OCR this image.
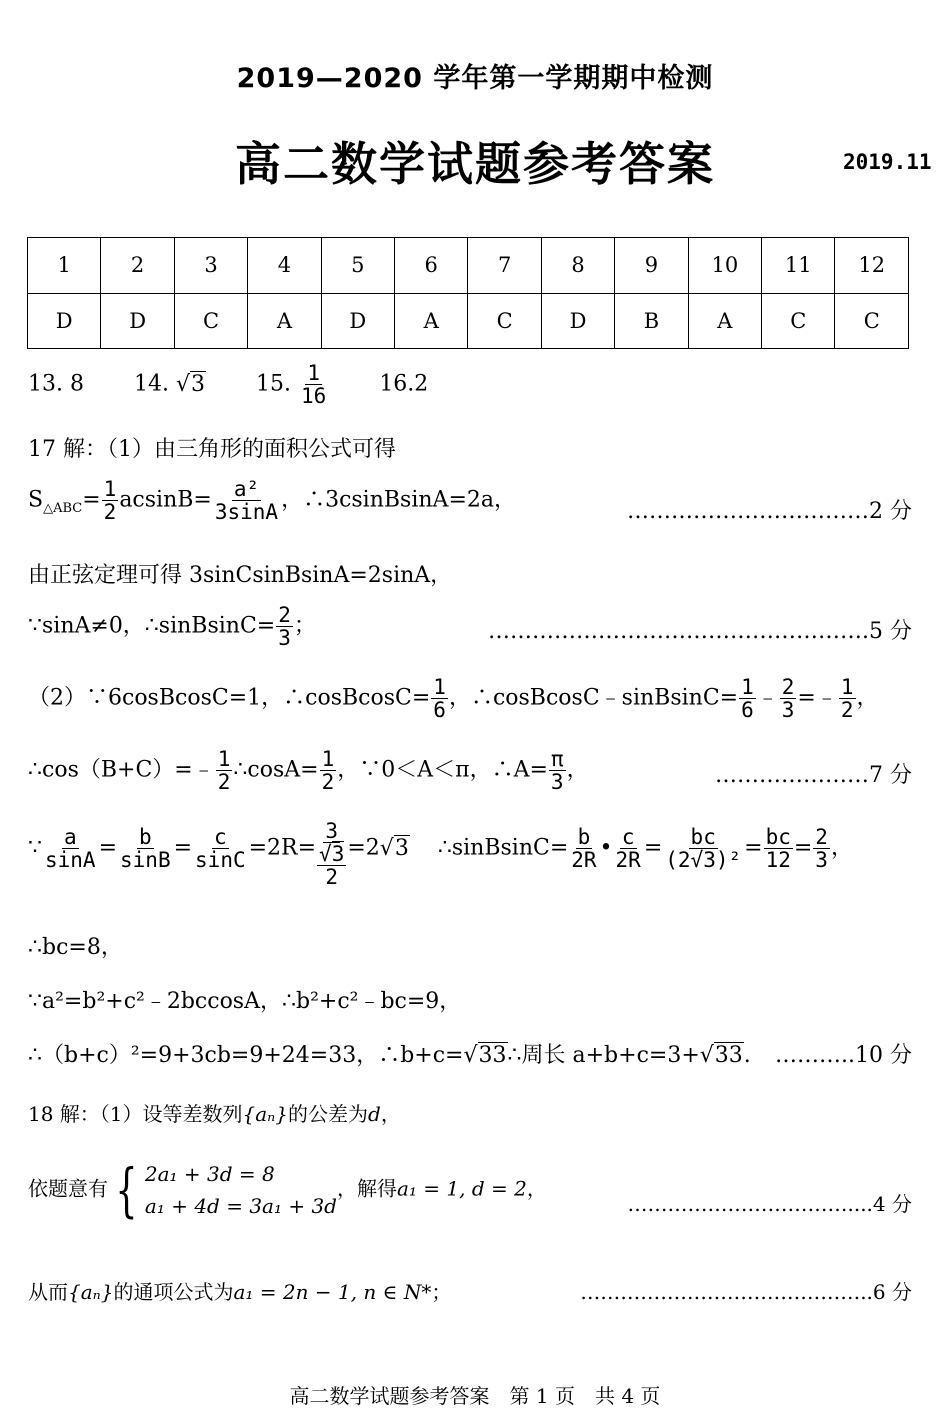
2019—2020 学年第一学期期中检测
高二数学试题参考答案	2019.11
1	2	3	4	5	6	7	8	9	10	11	12
D	D	C	A	D	A	C	D	B	A	C	C
13. 8 14. √3 15. $\frac{1}{16} 16.2$
17 解：（1）由三角形的面积公式可得
$S_{\triangle ABC}= \frac{1}{2} acsinB= \frac{\text{a²}}{3\sin A}$ ，∴3csinBsinA=2a，	……………………………2 分
由正弦定理可得 3sinCsinBsinA=2sinA，
∵sinA≠0，∴sinBsinC= $\frac{2}{3}$ ；	…………………………………………….5 分
（2）∵6cosBcosC=1，∴cosBcosC= $\frac{1}{6}$ ，∴cosBcosC﹣sinBsinC= $\frac{1}{6}$ ﹣ $\frac{2}{3}$ =﹣ $\frac{1}{2}$ ，
∴cos（B+C）=﹣ $\frac{1}{2}$ ∴cosA= $\frac{1}{2}$ ，∵0＜A＜π，∴A= $\frac{\pi}{3}$ ，	…………………7 分
∵ $\frac{a}{\sin A} = \frac{b}{\sin B} = \frac{c}{\sin C} =2R=$
3
√3
2
=2√3 ∴sinBsinC= $\frac{b}{2R}$ • $\frac{c}{2R} = \frac{bc}{\text{(2√3)²}} = \frac{bc}{12} = \frac{2}{3}$ ，
∴bc=8，
∵a²=b²+c²﹣2bccosA，∴b²+c²﹣bc=9，
∴（b+c）²=9+3cb=9+24=33，∴b+c=√33∴周长 a+b+c=3+√33. ………..10 分
18 解：（1）设等差数列{aₙ}的公差为d，
依题意有 { 2a₁ + 3d = 8
a₁ + 4d = 3a₁ + 3d
，解得a₁ = 1, d = 2，
……………………………....4 分
从而{aₙ}的通项公式为a₁ = 2n − 1, n ∈ N*；	……………………………………..6 分
高二数学试题参考答案　第 1 页　共 4 页
